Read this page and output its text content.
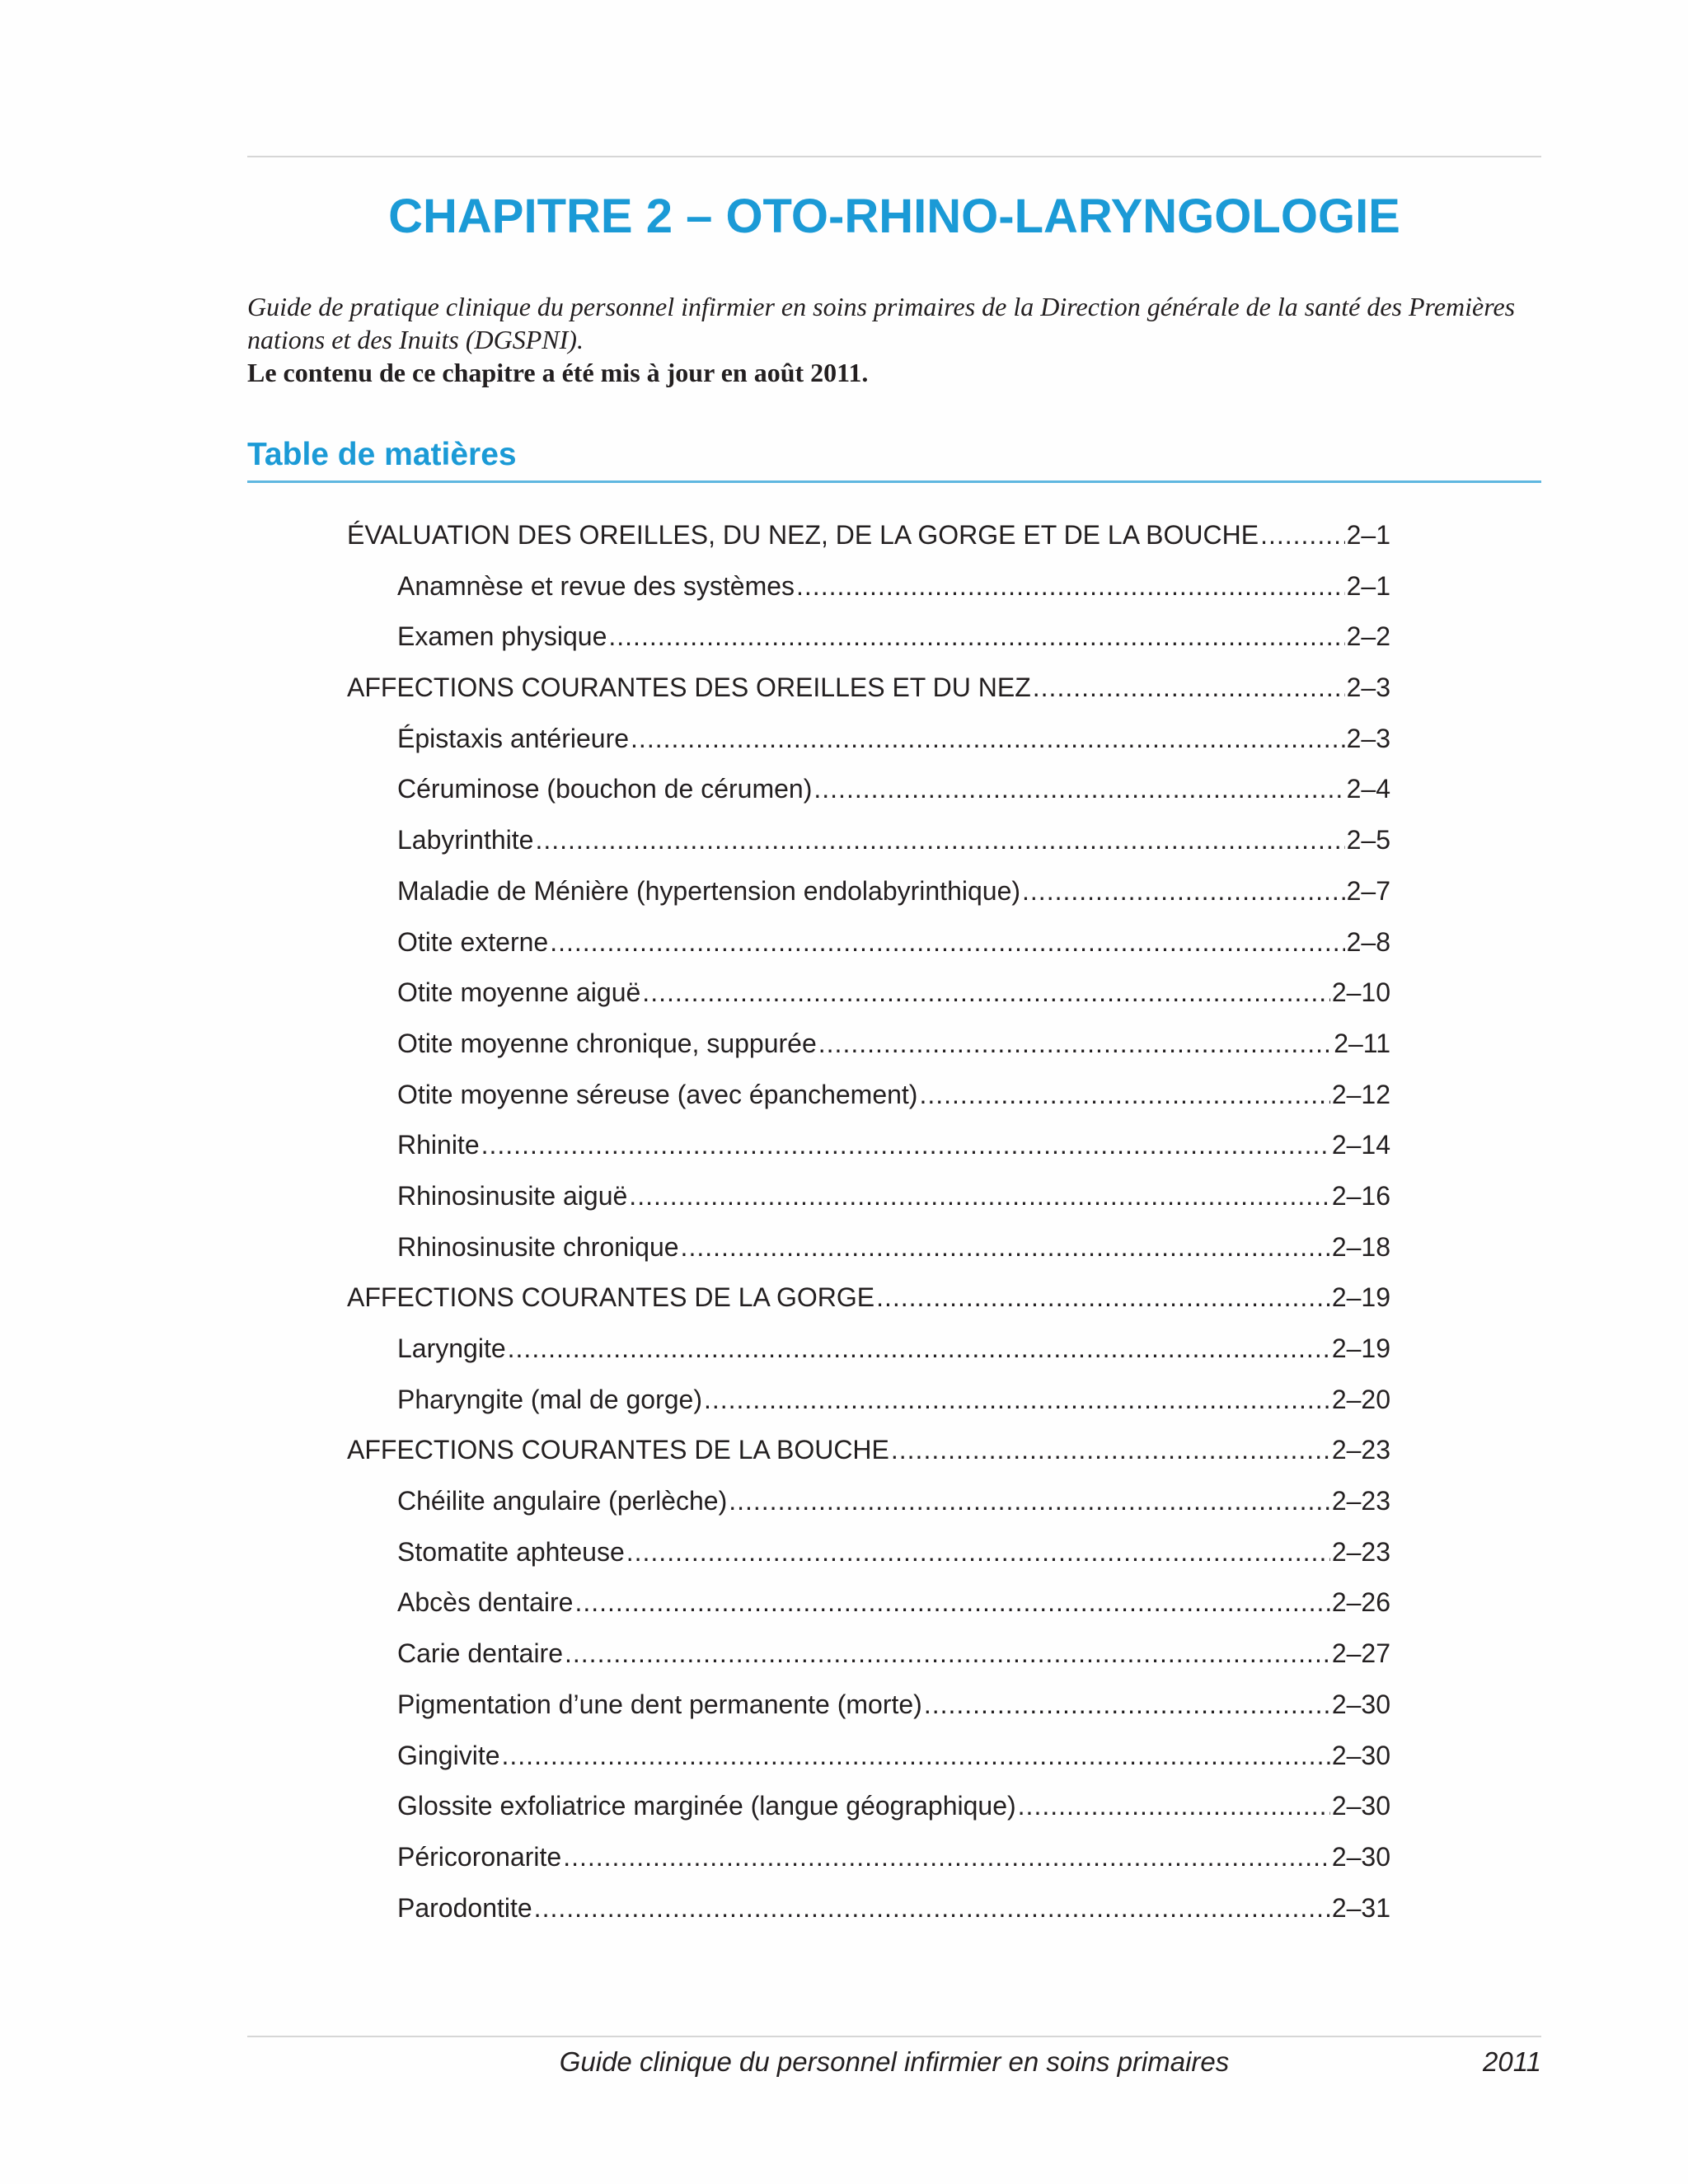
CHAPITRE 2 – OTO-RHINO-LARYNGOLOGIE
Guide de pratique clinique du personnel infirmier en soins primaires de la Direction générale de la santé des Premières nations et des Inuits (DGSPNI).
Le contenu de ce chapitre a été mis à jour en août 2011.
Table de matières
ÉVALUATION DES OREILLES, DU NEZ, DE LA GORGE ET DE LA BOUCHE .....	2–1
Anamnèse et revue des systèmes .....	2–1
Examen physique .....	2–2
AFFECTIONS COURANTES DES OREILLES ET DU NEZ .....	2–3
Épistaxis antérieure .....	2–3
Céruminose (bouchon de cérumen) .....	2–4
Labyrinthite .....	2–5
Maladie de Ménière (hypertension endolabyrinthique) .....	2–7
Otite externe .....	2–8
Otite moyenne aiguë .....	2–10
Otite moyenne chronique, suppurée .....	2–11
Otite moyenne séreuse (avec épanchement) .....	2–12
Rhinite .....	2–14
Rhinosinusite aiguë .....	2–16
Rhinosinusite chronique .....	2–18
AFFECTIONS COURANTES DE LA GORGE .....	2–19
Laryngite .....	2–19
Pharyngite (mal de gorge) .....	2–20
AFFECTIONS COURANTES DE LA BOUCHE .....	2–23
Chéilite angulaire (perlèche) .....	2–23
Stomatite aphteuse .....	2–23
Abcès dentaire .....	2–26
Carie dentaire .....	2–27
Pigmentation d’une dent permanente (morte) .....	2–30
Gingivite .....	2–30
Glossite exfoliatrice marginée (langue géographique) .....	2–30
Péricoronarite .....	2–30
Parodontite .....	2–31
Guide clinique du personnel infirmier en soins primaires	2011
